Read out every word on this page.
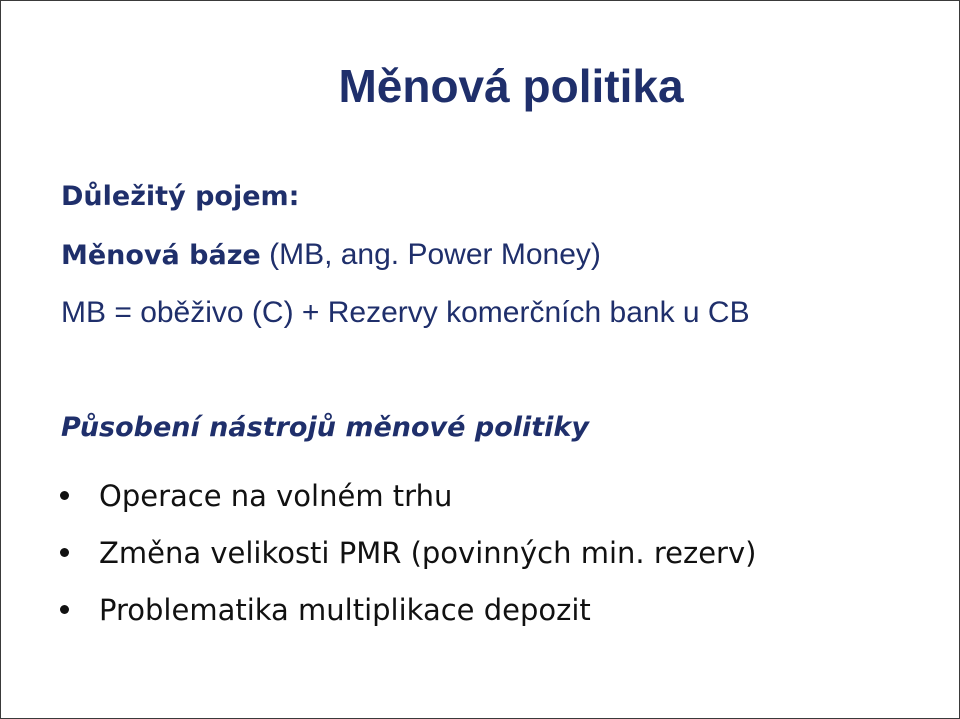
Měnová politika
Důležitý pojem:
Měnová báze (MB, ang. Power Money)
MB = oběživo (C) + Rezervy komerčních bank u CB
Působení nástrojů měnové politiky
Operace na volném trhu
Změna velikosti PMR (povinných min. rezerv)
Problematika multiplikace depozit
